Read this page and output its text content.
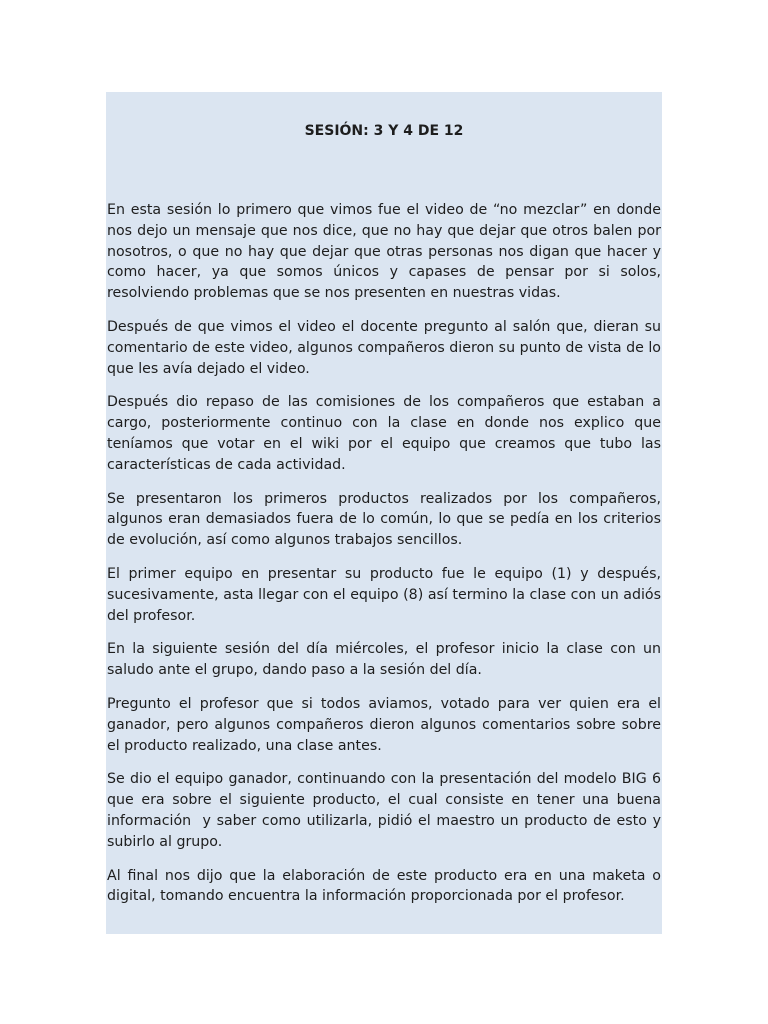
SESIÓN: 3 Y 4 DE 12

En esta sesión lo primero que vimos fue el video de “no mezclar” en donde nos dejo un mensaje que nos dice, que no hay que dejar que otros balen por nosotros, o que no hay que dejar que otras personas nos digan que hacer y como hacer, ya que somos únicos y capases de pensar por si solos, resolviendo problemas que se nos presenten en nuestras vidas.

Después de que vimos el video el docente pregunto al salón que, dieran su comentario de este video, algunos compañeros dieron su punto de vista de lo que les avía dejado el video.

Después dio repaso de las comisiones de los compañeros que estaban a cargo, posteriormente continuo con la clase en donde nos explico que teníamos que votar en el wiki por el equipo que creamos que tubo las características de cada actividad.

Se presentaron los primeros productos realizados por los compañeros, algunos eran demasiados fuera de lo común, lo que se pedía en los criterios de evolución, así como algunos trabajos sencillos.

El primer equipo en presentar su producto fue le equipo (1) y después, sucesivamente, asta llegar con el equipo (8) así termino la clase con un adiós del profesor.

En la siguiente sesión del día miércoles, el profesor inicio la clase con un saludo ante el grupo, dando paso a la sesión del día.

Pregunto el profesor que si todos aviamos, votado para ver quien era el ganador, pero algunos compañeros dieron algunos comentarios sobre sobre el producto realizado, una clase antes.

Se dio el equipo ganador, continuando con la presentación del modelo BIG 6 que era sobre el siguiente producto, el cual consiste en tener una buena información  y saber como utilizarla, pidió el maestro un producto de esto y subirlo al grupo.

Al final nos dijo que la elaboración de este producto era en una maketa o digital, tomando encuentra la información proporcionada por el profesor.
